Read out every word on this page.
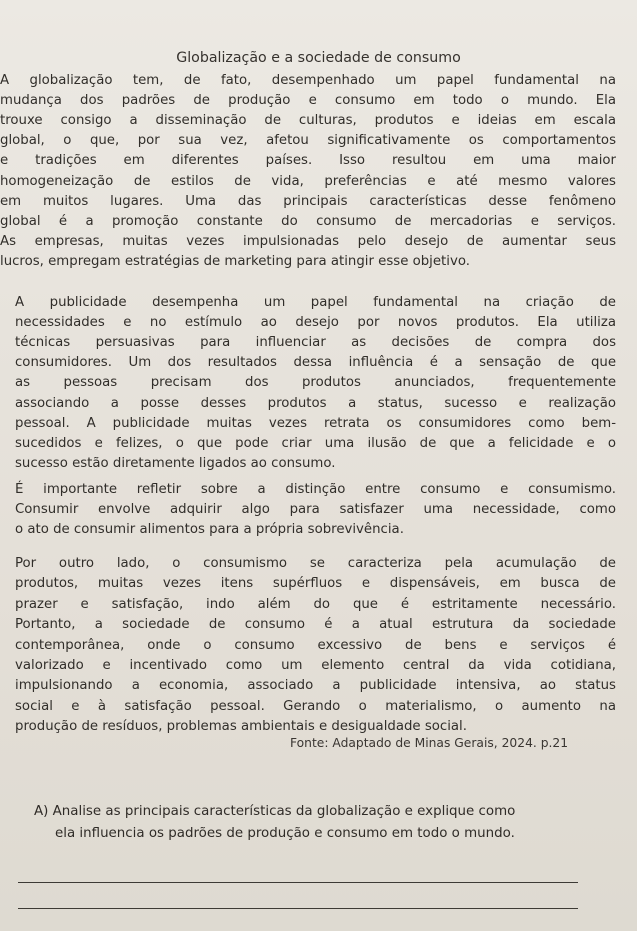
Globalização e a sociedade de consumo
A globalização tem, de fato, desempenhado um papel fundamental na
mudança dos padrões de produção e consumo em todo o mundo. Ela
trouxe consigo a disseminação de culturas, produtos e ideias em escala
global, o que, por sua vez, afetou significativamente os comportamentos
e tradições em diferentes países. Isso resultou em uma maior
homogeneização de estilos de vida, preferências e até mesmo valores
em muitos lugares. Uma das principais características desse fenômeno
global é a promoção constante do consumo de mercadorias e serviços.
As empresas, muitas vezes impulsionadas pelo desejo de aumentar seus
lucros, empregam estratégias de marketing para atingir esse objetivo.
A publicidade desempenha um papel fundamental na criação de
necessidades e no estímulo ao desejo por novos produtos. Ela utiliza
técnicas persuasivas para influenciar as decisões de compra dos
consumidores. Um dos resultados dessa influência é a sensação de que
as pessoas precisam dos produtos anunciados, frequentemente
associando a posse desses produtos a status, sucesso e realização
pessoal. A publicidade muitas vezes retrata os consumidores como bem-
sucedidos e felizes, o que pode criar uma ilusão de que a felicidade e o
sucesso estão diretamente ligados ao consumo.
É importante refletir sobre a distinção entre consumo e consumismo.
Consumir envolve adquirir algo para satisfazer uma necessidade, como
o ato de consumir alimentos para a própria sobrevivência.
Por outro lado, o consumismo se caracteriza pela acumulação de
produtos, muitas vezes itens supérfluos e dispensáveis, em busca de
prazer e satisfação, indo além do que é estritamente necessário.
Portanto, a sociedade de consumo é a atual estrutura da sociedade
contemporânea, onde o consumo excessivo de bens e serviços é
valorizado e incentivado como um elemento central da vida cotidiana,
impulsionando a economia, associado a publicidade intensiva, ao status
social e à satisfação pessoal. Gerando o materialismo, o aumento na
produção de resíduos, problemas ambientais e desigualdade social.
Fonte: Adaptado de Minas Gerais, 2024. p.21
A) Analise as principais características da globalização e explique como
ela influencia os padrões de produção e consumo em todo o mundo.
